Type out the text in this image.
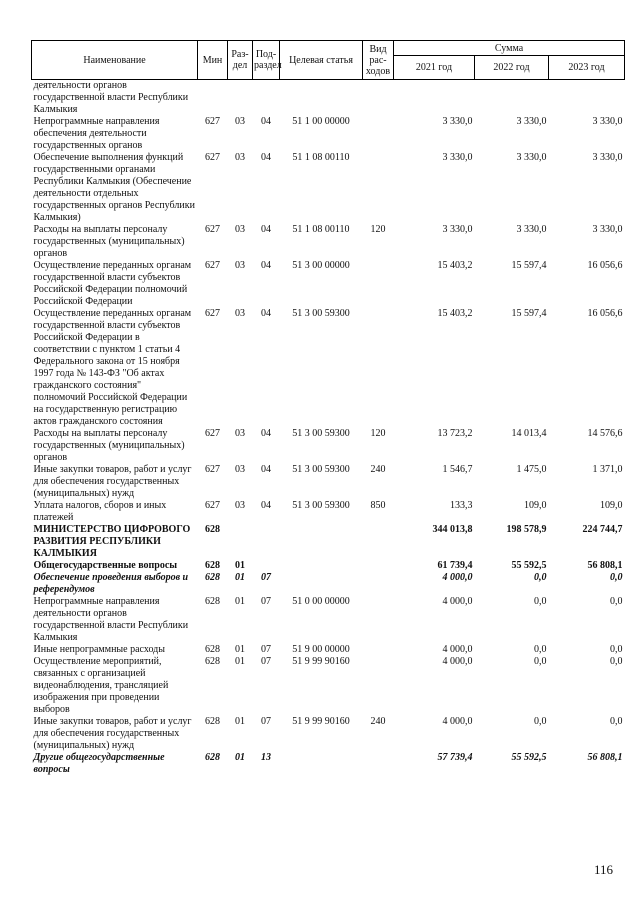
Наименование	Мин	Раз-дел	Под-раздел	Целевая статья	Вид рас-ходов	Сумма		
						2021 год	2022 год	2023 год
деятельности органов государственной власти Республики Калмыкия								
Непрограммные направления обеспечения деятельности государственных органов	627	03	04	51 1 00 00000		3 330,0	3 330,0	3 330,0
Обеспечение выполнения функций государственными органами Республики Калмыкия (Обеспечение деятельности отдельных государственных органов Республики Калмыкия)	627	03	04	51 1 08 00110		3 330,0	3 330,0	3 330,0
Расходы на выплаты персоналу государственных (муниципальных) органов	627	03	04	51 1 08 00110	120	3 330,0	3 330,0	3 330,0
Осуществление переданных органам государственной власти субъектов Российской Федерации полномочий Российской Федерации	627	03	04	51 3 00 00000		15 403,2	15 597,4	16 056,6
Осуществление переданных органам государственной власти субъектов Российской Федерации в соответствии с пунктом 1 статьи 4 Федерального закона от 15 ноября 1997 года № 143-ФЗ "Об актах гражданского состояния" полномочий Российской Федерации на государственную регистрацию актов гражданского состояния	627	03	04	51 3 00 59300		15 403,2	15 597,4	16 056,6
Расходы на выплаты персоналу государственных (муниципальных) органов	627	03	04	51 3 00 59300	120	13 723,2	14 013,4	14 576,6
Иные закупки товаров, работ и услуг для обеспечения государственных (муниципальных) нужд	627	03	04	51 3 00 59300	240	1 546,7	1 475,0	1 371,0
Уплата налогов, сборов и иных платежей	627	03	04	51 3 00 59300	850	133,3	109,0	109,0
МИНИСТЕРСТВО ЦИФРОВОГО РАЗВИТИЯ РЕСПУБЛИКИ КАЛМЫКИЯ	628					344 013,8	198 578,9	224 744,7
Общегосударственные вопросы	628	01				61 739,4	55 592,5	56 808,1
Обеспечение проведения выборов и референдумов	628	01	07			4 000,0	0,0	0,0
Непрограммные направления деятельности органов государственной власти Республики Калмыкия	628	01	07	51 0 00 00000		4 000,0	0,0	0,0
Иные непрограммные расходы	628	01	07	51 9 00 00000		4 000,0	0,0	0,0
Осуществление мероприятий, связанных с организацией видеонаблюдения, трансляцией изображения при проведении выборов	628	01	07	51 9 99 90160		4 000,0	0,0	0,0
Иные закупки товаров, работ и услуг для обеспечения государственных (муниципальных) нужд	628	01	07	51 9 99 90160	240	4 000,0	0,0	0,0
Другие общегосударственные вопросы	628	01	13			57 739,4	55 592,5	56 808,1
116
